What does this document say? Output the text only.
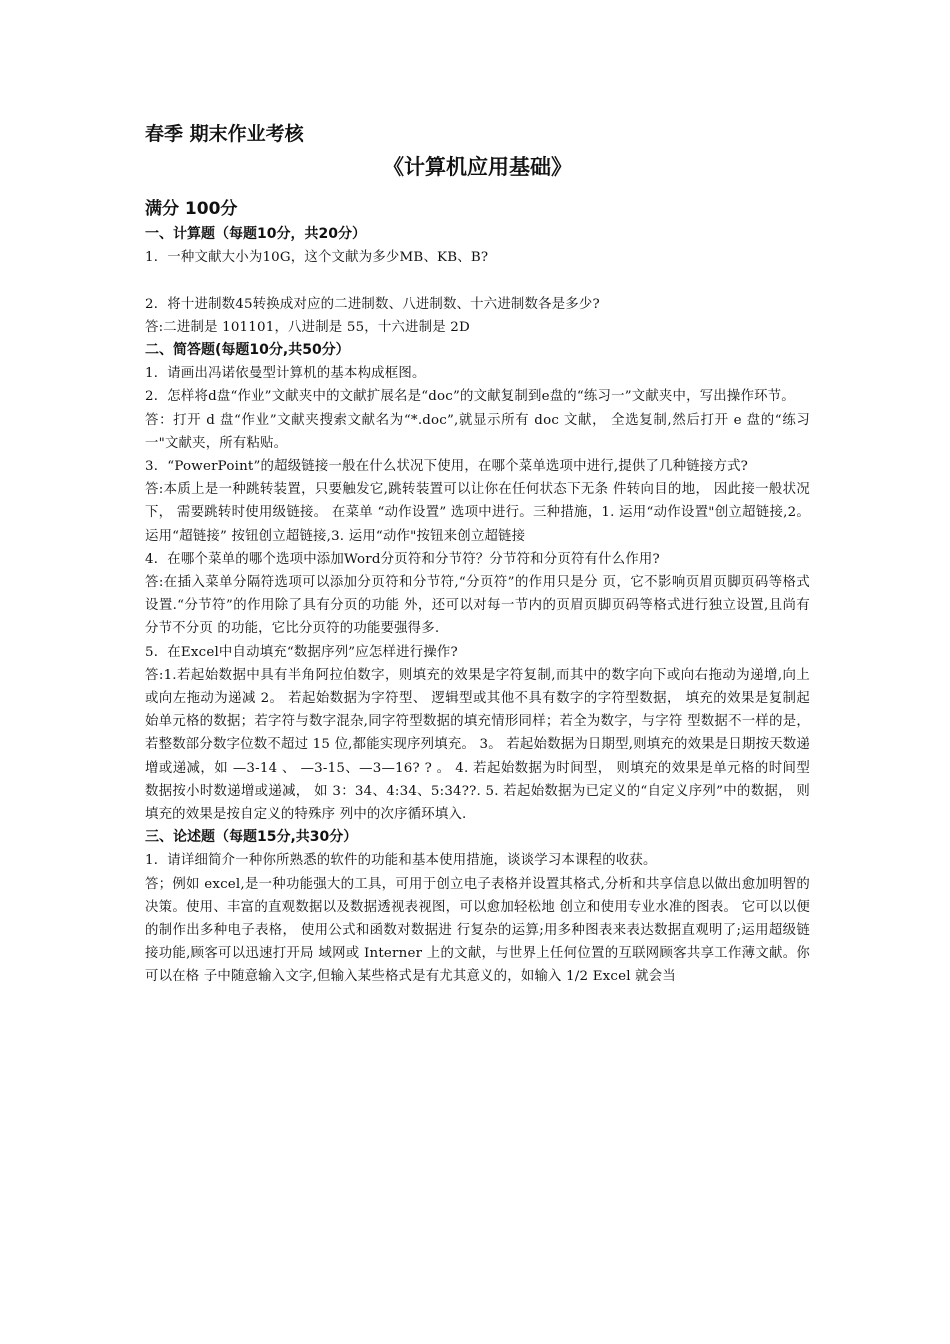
春季 期末作业考核

《计算机应用基础》

满分 100分

一、计算题（每题10分，共20分）

1．一种文献大小为10G，这个文献为多少MB、KB、B?

2．将十进制数45转换成对应的二进制数、八进制数、十六进制数各是多少?

答:二进制是 101101，八进制是 55，十六进制是 2D

二、简答题(每题10分,共50分）

1．请画出冯诺依曼型计算机的基本构成框图。

2．怎样将d盘“作业”文献夹中的文献扩展名是“doc”的文献复制到e盘的“练习一”文献夹中，写出操作环节。

答：打开 d 盘“作业”文献夹搜索文献名为“*.doc”,就显示所有 doc 文献， 全选复制,然后打开 e 盘的“练习一"文献夹，所有粘贴。

3．“PowerPoint”的超级链接一般在什么状况下使用，在哪个菜单选项中进行,提供了几种链接方式?

答:本质上是一种跳转装置，只要触发它,跳转装置可以让你在任何状态下无条 件转向目的地， 因此接一般状况下， 需要跳转时使用级链接。 在菜单 “动作设置” 选项中进行。三种措施，1. 运用“动作设置"创立超链接,2。 运用“超链接” 按钮创立超链接,3. 运用“动作"按钮来创立超链接

4．在哪个菜单的哪个选项中添加Word分页符和分节符？分节符和分页符有什么作用?

答:在插入菜单分隔符选项可以添加分页符和分节符,“分页符”的作用只是分 页，它不影响页眉页脚页码等格式设置.“分节符”的作用除了具有分页的功能 外，还可以对每一节内的页眉页脚页码等格式进行独立设置,且尚有分节不分页 的功能，它比分页符的功能要强得多.

5．在Excel中自动填充“数据序列”应怎样进行操作?

答:1.若起始数据中具有半角阿拉伯数字，则填充的效果是字符复制,而其中的数字向下或向右拖动为递增,向上或向左拖动为递减 2。 若起始数据为字符型、 逻辑型或其他不具有数字的字符型数据， 填充的效果是复制起 始单元格的数据；若字符与数字混杂,同字符型数据的填充情形同样；若全为数字，与字符 型数据不一样的是，若整数部分数字位数不超过 15 位,都能实现序列填充。 3。 若起始数据为日期型,则填充的效果是日期按天数递增或递减，如 —3-14 、 —3-15、—3—16? ? 。 4. 若起始数据为时间型， 则填充的效果是单元格的时间型数据按小时数递增或递减， 如 3：34、4:34、5:34??. 5. 若起始数据为已定义的“自定义序列”中的数据， 则填充的效果是按自定义的特殊序 列中的次序循环填入.

三、论述题（每题15分,共30分）

1．请详细简介一种你所熟悉的软件的功能和基本使用措施，谈谈学习本课程的收获。

答；例如 excel,是一种功能强大的工具，可用于创立电子表格并设置其格式,分析和共享信息以做出愈加明智的决策。使用、丰富的直观数据以及数据透视表视图，可以愈加轻松地 创立和使用专业水准的图表。 它可以以便的制作出多种电子表格， 使用公式和函数对数据进 行复杂的运算;用多种图表来表达数据直观明了;运用超级链接功能,顾客可以迅速打开局 域网或 Interner 上的文献，与世界上任何位置的互联网顾客共享工作薄文献。你可以在格 子中随意输入文字,但输入某些格式是有尤其意义的，如输入 1/2 Excel 就会当
